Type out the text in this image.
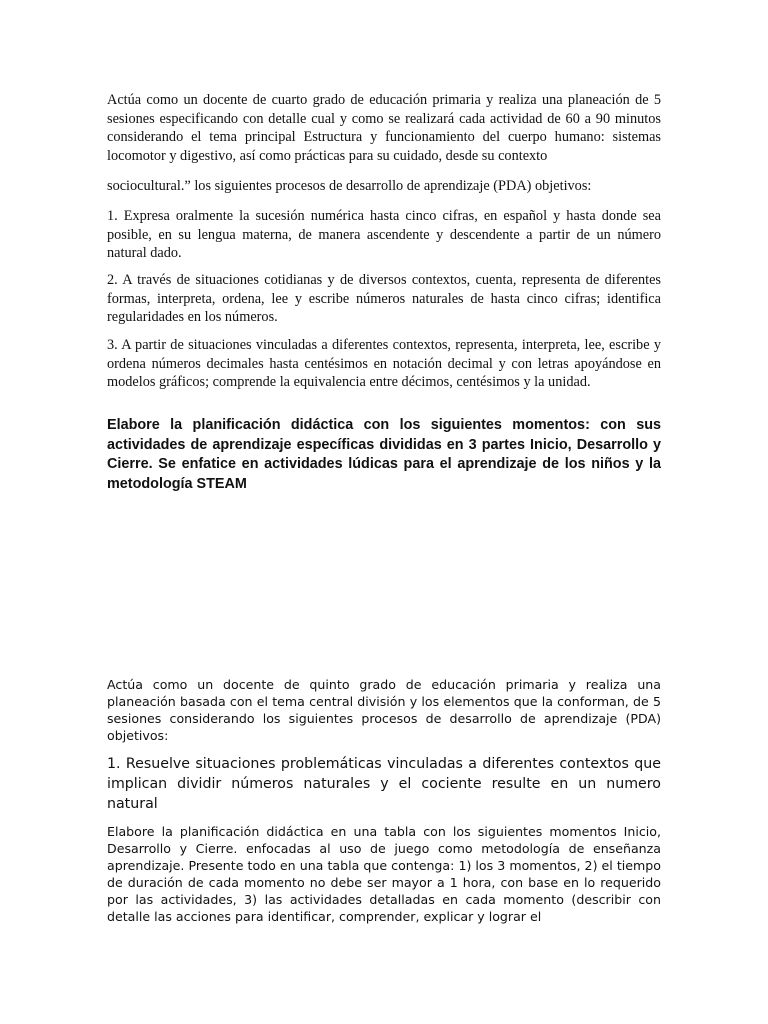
Actúa como un docente de cuarto grado de educación primaria y realiza una planeación de 5 sesiones especificando con detalle cual y como se realizará cada actividad de 60 a 90 minutos considerando el tema principal Estructura y funcionamiento del cuerpo humano: sistemas locomotor y digestivo, así como prácticas para su cuidado, desde su contexto

sociocultural.” los siguientes procesos de desarrollo de aprendizaje (PDA) objetivos:

1. Expresa oralmente la sucesión numérica hasta cinco cifras, en español y hasta donde sea posible, en su lengua materna, de manera ascendente y descendente a partir de un número natural dado.

2. A través de situaciones cotidianas y de diversos contextos, cuenta, representa de diferentes formas, interpreta, ordena, lee y escribe números naturales de hasta cinco cifras; identifica regularidades en los números.

3. A partir de situaciones vinculadas a diferentes contextos, representa, interpreta, lee, escribe y ordena números decimales hasta centésimos en notación decimal y con letras apoyándose en modelos gráficos; comprende la equivalencia entre décimos, centésimos y la unidad.

Elabore la planificación didáctica con los siguientes momentos: con sus actividades de aprendizaje específicas divididas en 3 partes Inicio, Desarrollo y Cierre. Se enfatice en actividades lúdicas para el aprendizaje de los niños y la metodología STEAM

Actúa como un docente de quinto grado de educación primaria y realiza una planeación basada con el tema central división y los elementos que la conforman, de 5 sesiones considerando los siguientes procesos de desarrollo de aprendizaje (PDA) objetivos:

1. Resuelve situaciones problemáticas vinculadas a diferentes contextos que implican dividir números naturales y el cociente resulte en un numero natural

Elabore la planificación didáctica en una tabla con los siguientes momentos Inicio, Desarrollo y Cierre. enfocadas al uso de juego como metodología de enseñanza aprendizaje. Presente todo en una tabla que contenga: 1) los 3 momentos, 2) el tiempo de duración de cada momento no debe ser mayor a 1 hora, con base en lo requerido por las actividades, 3) las actividades detalladas en cada momento (describir con detalle las acciones para identificar, comprender, explicar y lograr el
